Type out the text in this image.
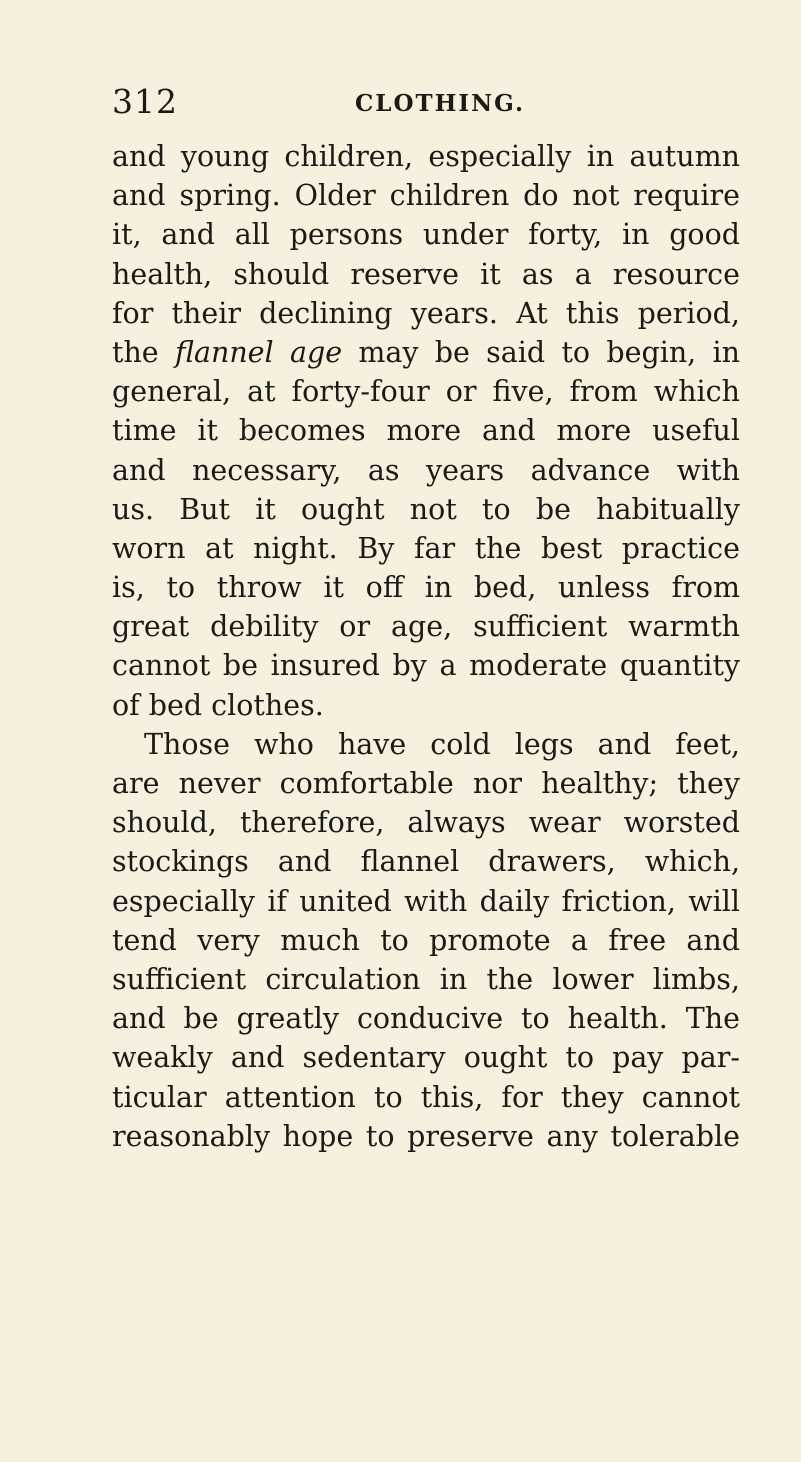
312	CLOTHING.
and young children, especially in autumn
and spring. Older children do not require
it, and all persons under forty, in good
health, should reserve it as a resource
for their declining years. At this period,
the flannel age may be said to begin, in
general, at forty-four or five, from which
time it becomes more and more useful
and necessary, as years advance with
us. But it ought not to be habitually
worn at night. By far the best practice
is, to throw it off in bed, unless from
great debility or age, sufficient warmth
cannot be insured by a moderate quantity
of bed clothes.
Those who have cold legs and feet,
are never comfortable nor healthy; they
should, therefore, always wear worsted
stockings and flannel drawers, which,
especially if united with daily friction, will
tend very much to promote a free and
sufficient circulation in the lower limbs,
and be greatly conducive to health. The
weakly and sedentary ought to pay par-
ticular attention to this, for they cannot
reasonably hope to preserve any tolerable
